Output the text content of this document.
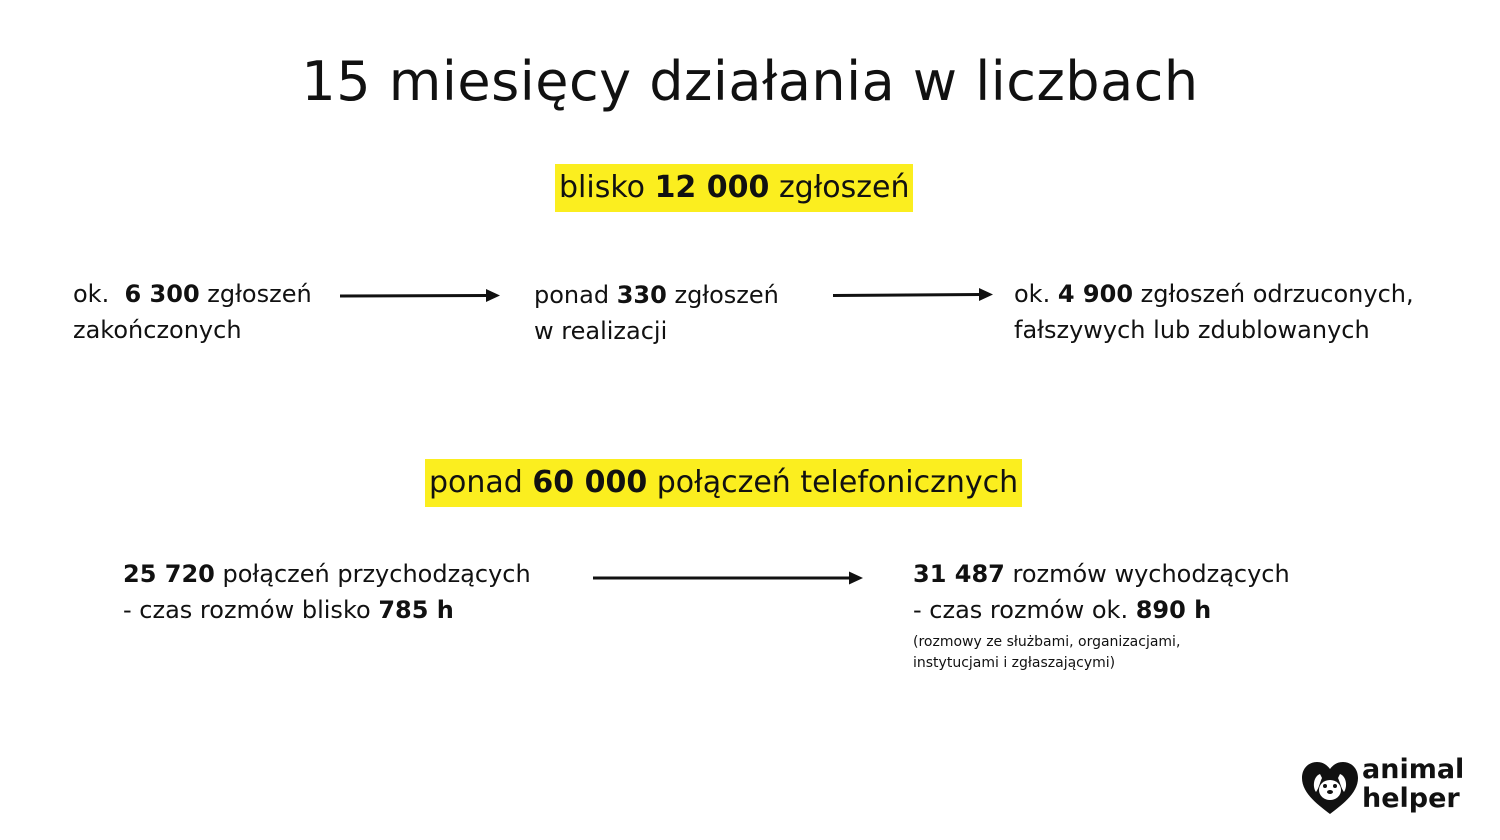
15 miesięcy działania w liczbach
blisko 12 000 zgłoszeń
ok. 6 300 zgłoszeń
zakończonych
ponad 330 zgłoszeń
w realizacji
ok. 4 900 zgłoszeń odrzuconych,
fałszywych lub zdublowanych
ponad 60 000 połączeń telefonicznych
25 720 połączeń przychodzących
- czas rozmów blisko 785 h
31 487 rozmów wychodzących
- czas rozmów ok. 890 h
(rozmowy ze służbami, organizacjami,
instytucjami i zgłaszającymi)
animal
helper
